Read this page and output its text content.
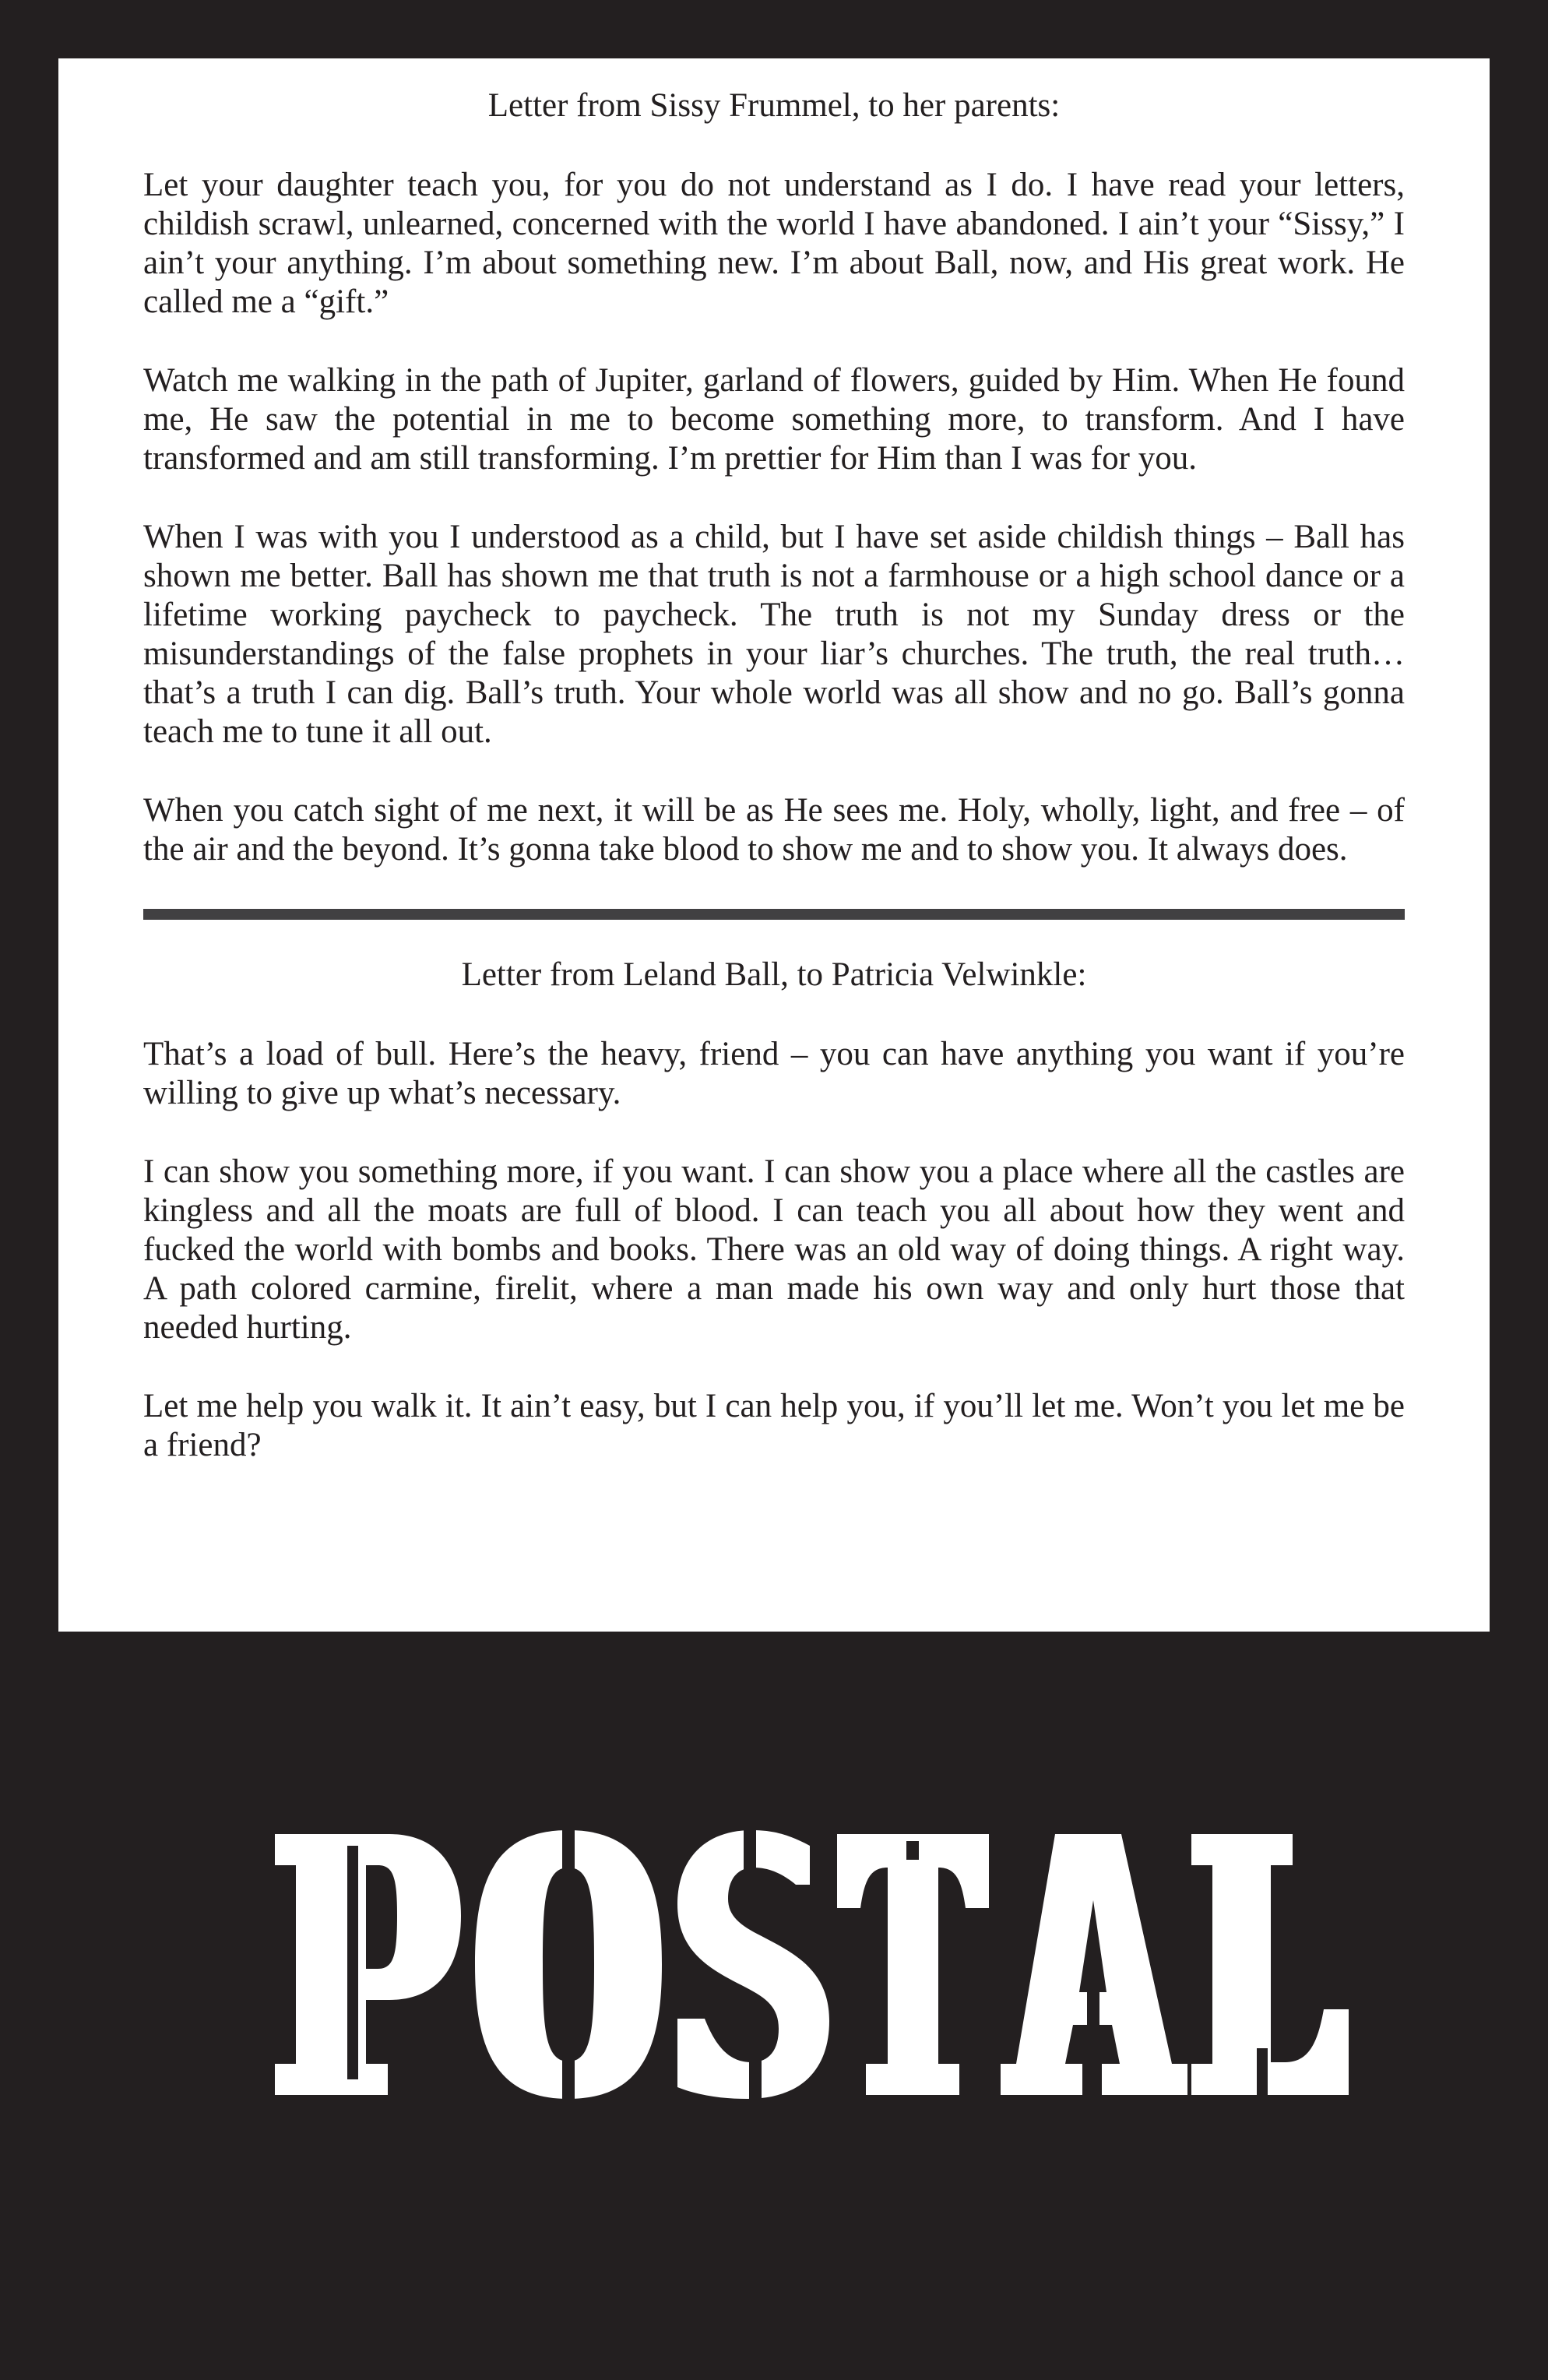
Letter from Sissy Frummel, to her parents:

Let your daughter teach you, for you do not understand as I do. I have read your letters, childish scrawl, unlearned, concerned with the world I have abandoned. I ain’t your “Sissy,” I ain’t your anything. I’m about something new. I’m about Ball, now, and His great work. He called me a “gift.”

Watch me walking in the path of Jupiter, garland of flowers, guided by Him. When He found me, He saw the potential in me to become something more, to transform. And I have transformed and am still transforming. I’m prettier for Him than I was for you.

When I was with you I understood as a child, but I have set aside childish things – Ball has shown me better. Ball has shown me that truth is not a farmhouse or a high school dance or a lifetime working paycheck to paycheck. The truth is not my Sunday dress or the misunderstandings of the false prophets in your liar’s churches. The truth, the real truth…that’s a truth I can dig. Ball’s truth. Your whole world was all show and no go. Ball’s gonna teach me to tune it all out.

When you catch sight of me next, it will be as He sees me. Holy, wholly, light, and free – of the air and the beyond. It’s gonna take blood to show me and to show you. It always does.

Letter from Leland Ball, to Patricia Velwinkle:

That’s a load of bull. Here’s the heavy, friend – you can have anything you want if you’re willing to give up what’s necessary.

I can show you something more, if you want. I can show you a place where all the castles are kingless and all the moats are full of blood. I can teach you all about how they went and fucked the world with bombs and books. There was an old way of doing things. A right way. A path colored carmine, firelit, where a man made his own way and only hurt those that needed hurting.

Let me help you walk it. It ain’t easy, but I can help you, if you’ll let me. Won’t you let me be a friend?
